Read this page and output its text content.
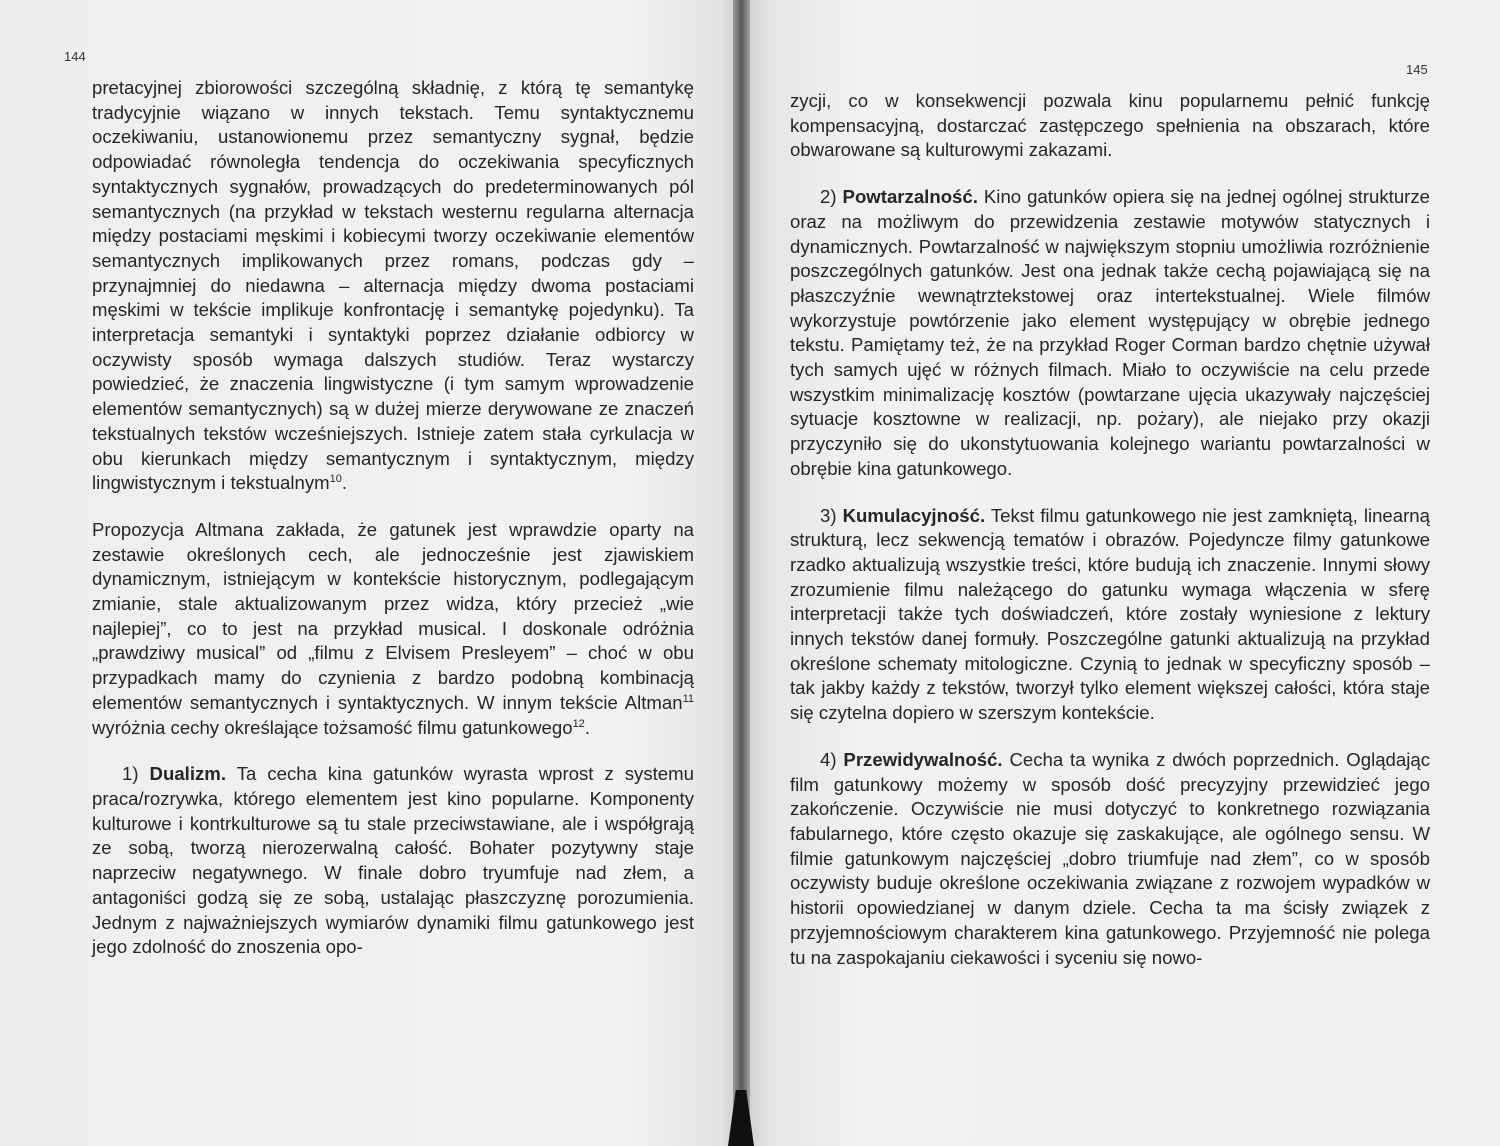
144
145

pretacyjnej zbiorowości szczególną składnię, z którą tę semantykę tradycyjnie wiązano w innych tekstach. Temu syntaktycznemu oczekiwaniu, ustanowionemu przez semantyczny sygnał, będzie odpowiadać równoległa tendencja do oczekiwania specyficznych syntaktycznych sygnałów, prowadzących do predeterminowanych pól semantycznych (na przykład w tekstach westernu regularna alternacja między postaciami męskimi i kobiecymi tworzy oczekiwanie elementów semantycznych implikowanych przez romans, podczas gdy – przynajmniej do niedawna – alternacja między dwoma postaciami męskimi w tekście implikuje konfrontację i semantykę pojedynku). Ta interpretacja semantyki i syntaktyki poprzez działanie odbiorcy w oczywisty sposób wymaga dalszych studiów. Teraz wystarczy powiedzieć, że znaczenia lingwistyczne (i tym samym wprowadzenie elementów semantycznych) są w dużej mierze derywowane ze znaczeń tekstualnych tekstów wcześniejszych. Istnieje zatem stała cyrkulacja w obu kierunkach między semantycznym i syntaktycznym, między lingwistycznym i tekstualnym$^{10}$.

Propozycja Altmana zakłada, że gatunek jest wprawdzie oparty na zestawie określonych cech, ale jednocześnie jest zjawiskiem dynamicznym, istniejącym w kontekście historycznym, podlegającym zmianie, stale aktualizowanym przez widza, który przecież „wie najlepiej”, co to jest na przykład musical. I doskonale odróżnia „prawdziwy musical” od „filmu z Elvisem Presleyem” – choć w obu przypadkach mamy do czynienia z bardzo podobną kombinacją elementów semantycznych i syntaktycznych. W innym tekście Altman$^{11}$ wyróżnia cechy określające tożsamość filmu gatunkowego$^{12}$.

1) Dualizm. Ta cecha kina gatunków wyrasta wprost z systemu praca/rozrywka, którego elementem jest kino popularne. Komponenty kulturowe i kontrkulturowe są tu stale przeciwstawiane, ale i współgrają ze sobą, tworzą nierozerwalną całość. Bohater pozytywny staje naprzeciw negatywnego. W finale dobro tryumfuje nad złem, a antagoniści godzą się ze sobą, ustalając płaszczyznę porozumienia. Jednym z najważniejszych wymiarów dynamiki filmu gatunkowego jest jego zdolność do znoszenia opo-

zycji, co w konsekwencji pozwala kinu popularnemu pełnić funkcję kompensacyjną, dostarczać zastępczego spełnienia na obszarach, które obwarowane są kulturowymi zakazami.

2) Powtarzalność. Kino gatunków opiera się na jednej ogólnej strukturze oraz na możliwym do przewidzenia zestawie motywów statycznych i dynamicznych. Powtarzalność w największym stopniu umożliwia rozróżnienie poszczególnych gatunków. Jest ona jednak także cechą pojawiającą się na płaszczyźnie wewnątrztekstowej oraz intertekstualnej. Wiele filmów wykorzystuje powtórzenie jako element występujący w obrębie jednego tekstu. Pamiętamy też, że na przykład Roger Corman bardzo chętnie używał tych samych ujęć w różnych filmach. Miało to oczywiście na celu przede wszystkim minimalizację kosztów (powtarzane ujęcia ukazywały najczęściej sytuacje kosztowne w realizacji, np. pożary), ale niejako przy okazji przyczyniło się do ukonstytuowania kolejnego wariantu powtarzalności w obrębie kina gatunkowego.

3) Kumulacyjność. Tekst filmu gatunkowego nie jest zamkniętą, linearną strukturą, lecz sekwencją tematów i obrazów. Pojedyncze filmy gatunkowe rzadko aktualizują wszystkie treści, które budują ich znaczenie. Innymi słowy zrozumienie filmu należącego do gatunku wymaga włączenia w sferę interpretacji także tych doświadczeń, które zostały wyniesione z lektury innych tekstów danej formuły. Poszczególne gatunki aktualizują na przykład określone schematy mitologiczne. Czynią to jednak w specyficzny sposób – tak jakby każdy z tekstów, tworzył tylko element większej całości, która staje się czytelna dopiero w szerszym kontekście.

4) Przewidywalność. Cecha ta wynika z dwóch poprzednich. Oglądając film gatunkowy możemy w sposób dość precyzyjny przewidzieć jego zakończenie. Oczywiście nie musi dotyczyć to konkretnego rozwiązania fabularnego, które często okazuje się zaskakujące, ale ogólnego sensu. W filmie gatunkowym najczęściej „dobro triumfuje nad złem”, co w sposób oczywisty buduje określone oczekiwania związane z rozwojem wypadków w historii opowiedzianej w danym dziele. Cecha ta ma ścisły związek z przyjemnościowym charakterem kina gatunkowego. Przyjemność nie polega tu na zaspokajaniu ciekawości i syceniu się nowo-
